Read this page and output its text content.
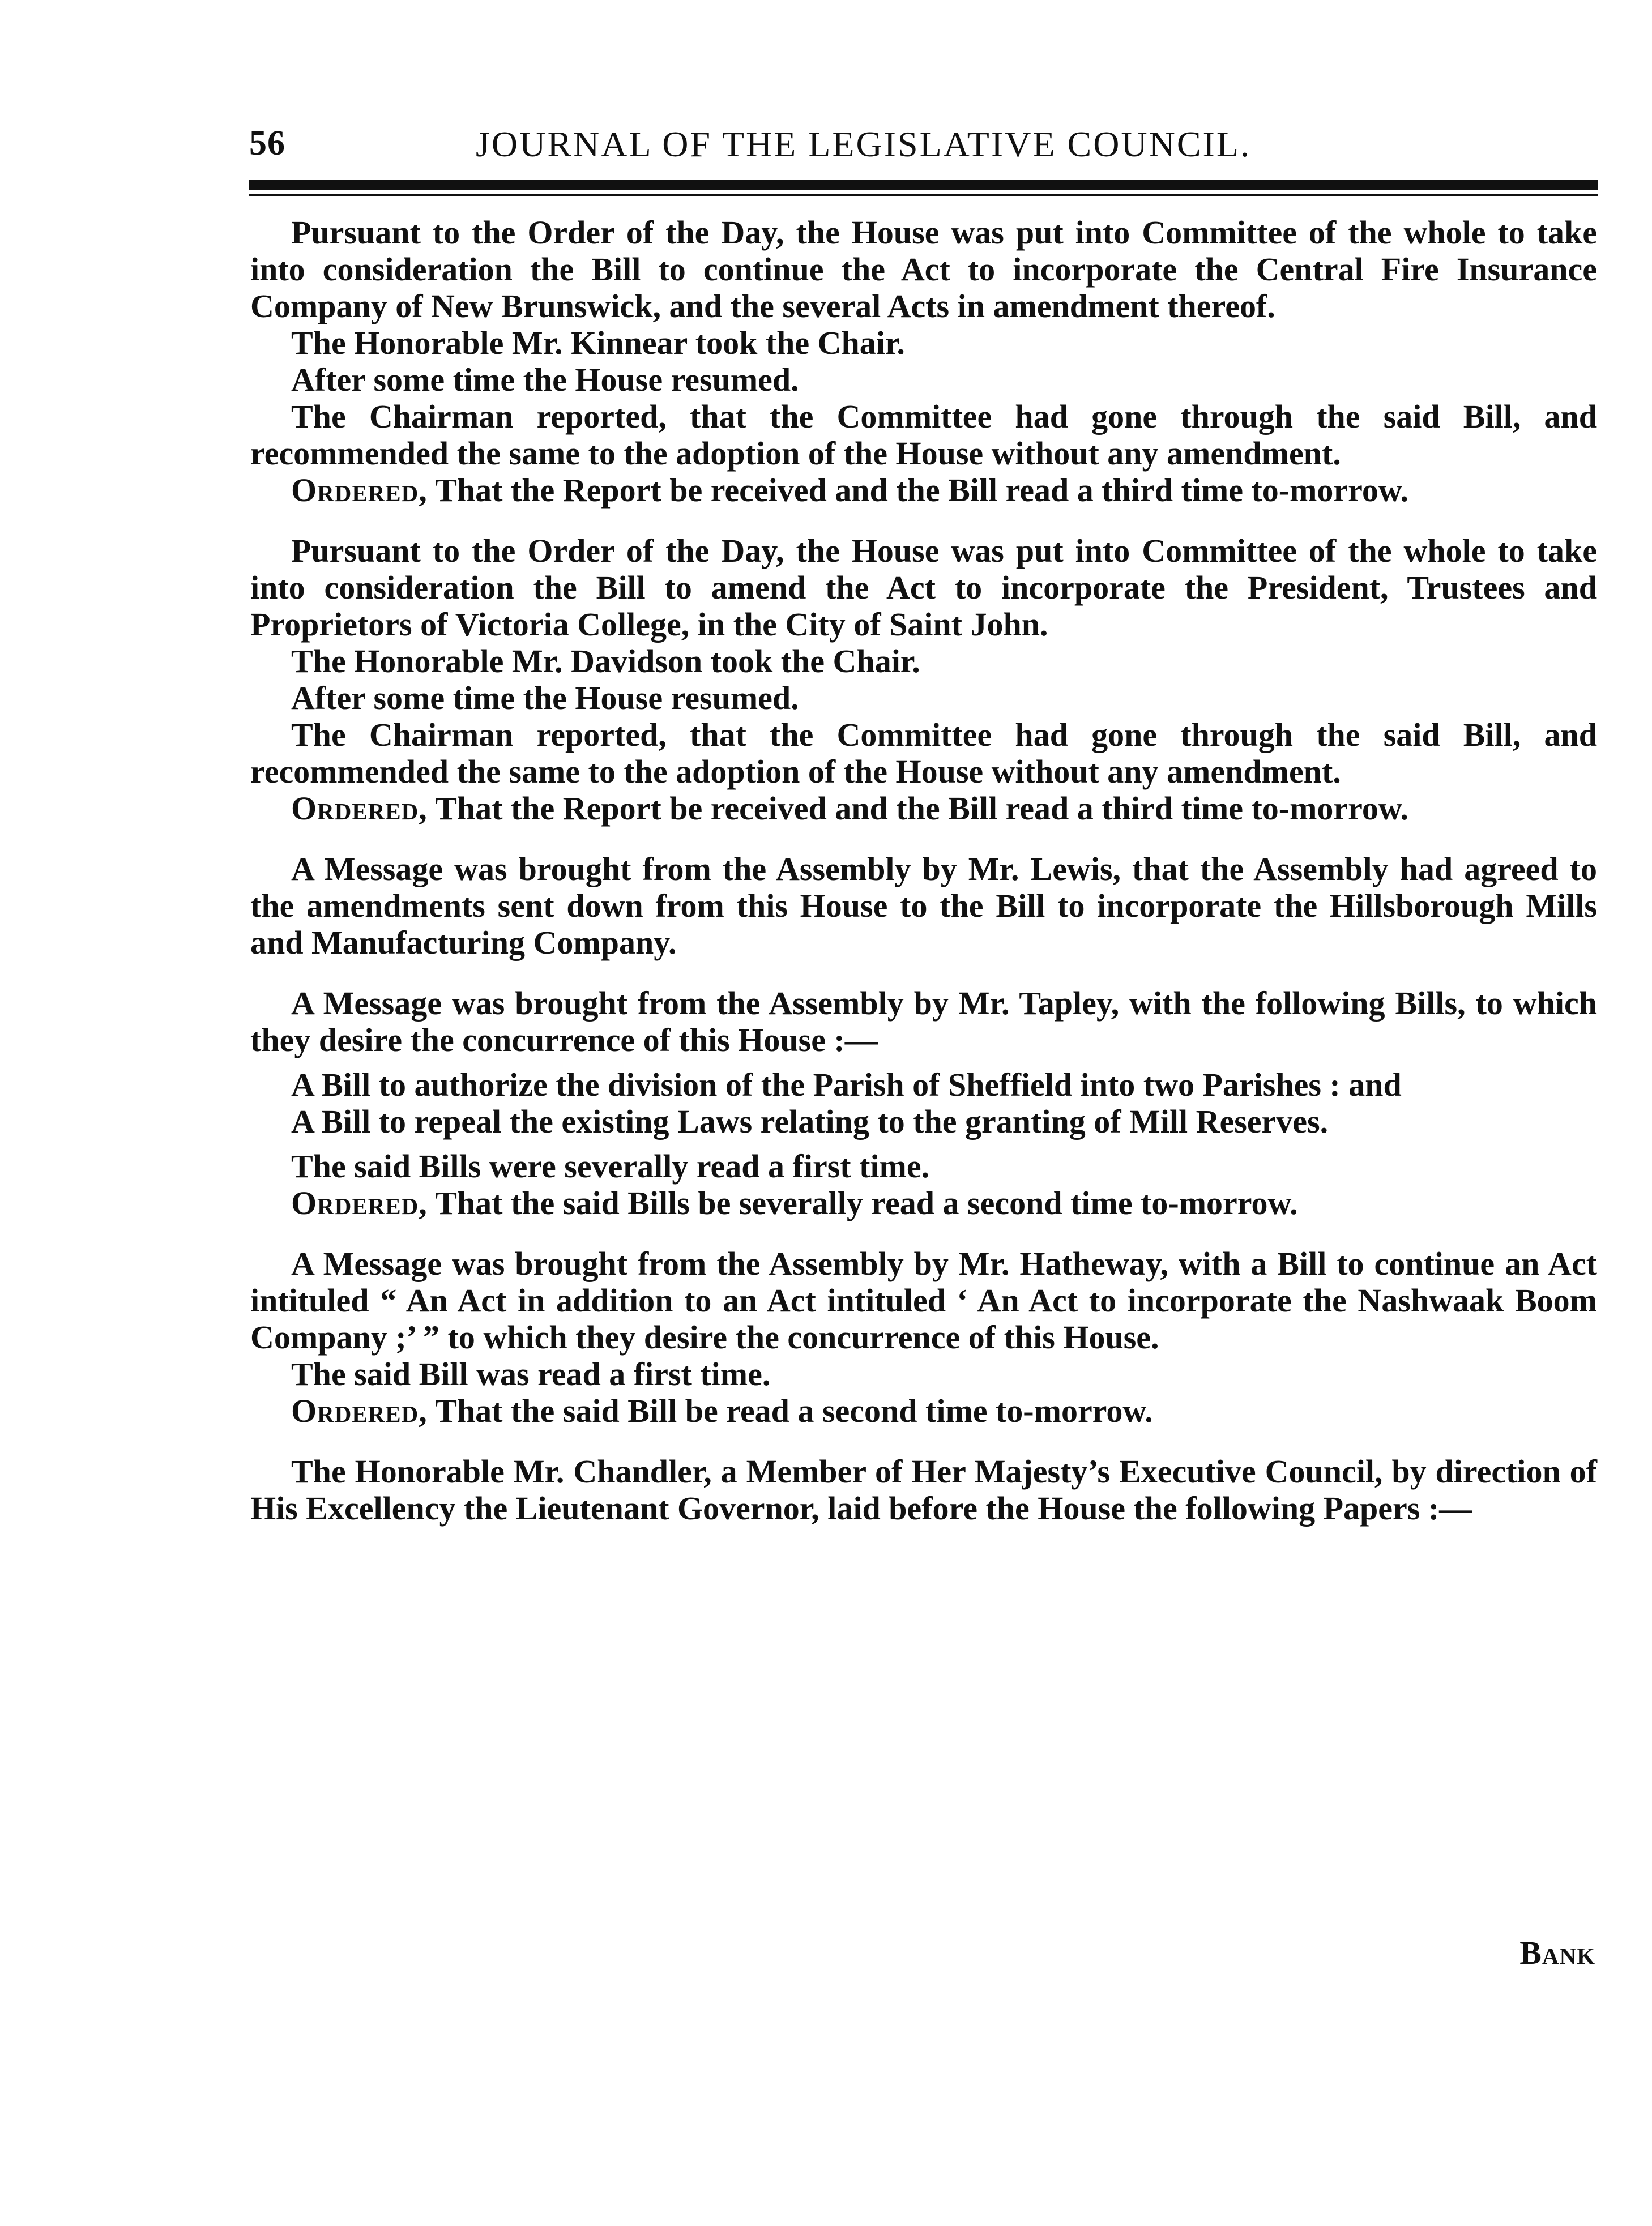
56	JOURNAL OF THE LEGISLATIVE COUNCIL.

Pursuant to the Order of the Day, the House was put into Committee of the whole to take into consideration the Bill to continue the Act to incorporate the Central Fire Insurance Company of New Brunswick, and the several Acts in amendment thereof.

The Honorable Mr. Kinnear took the Chair.

After some time the House resumed.

The Chairman reported, that the Committee had gone through the said Bill, and recommended the same to the adoption of the House without any amendment.

Ordered, That the Report be received and the Bill read a third time to-morrow.

Pursuant to the Order of the Day, the House was put into Committee of the whole to take into consideration the Bill to amend the Act to incorporate the President, Trustees and Proprietors of Victoria College, in the City of Saint John.

The Honorable Mr. Davidson took the Chair.

After some time the House resumed.

The Chairman reported, that the Committee had gone through the said Bill, and recommended the same to the adoption of the House without any amendment.

Ordered, That the Report be received and the Bill read a third time to-morrow.

A Message was brought from the Assembly by Mr. Lewis, that the Assembly had agreed to the amendments sent down from this House to the Bill to incorporate the Hillsborough Mills and Manufacturing Company.

A Message was brought from the Assembly by Mr. Tapley, with the following Bills, to which they desire the concurrence of this House :—

A Bill to authorize the division of the Parish of Sheffield into two Parishes : and

A Bill to repeal the existing Laws relating to the granting of Mill Reserves.

The said Bills were severally read a first time.

Ordered, That the said Bills be severally read a second time to-morrow.

A Message was brought from the Assembly by Mr. Hatheway, with a Bill to continue an Act intituled “ An Act in addition to an Act intituled ‘ An Act to incorporate the Nashwaak Boom Company ;’ ” to which they desire the concurrence of this House.

The said Bill was read a first time.

Ordered, That the said Bill be read a second time to-morrow.

The Honorable Mr. Chandler, a Member of Her Majesty’s Executive Council, by direction of His Excellency the Lieutenant Governor, laid before the House the following Papers :—

Bank
